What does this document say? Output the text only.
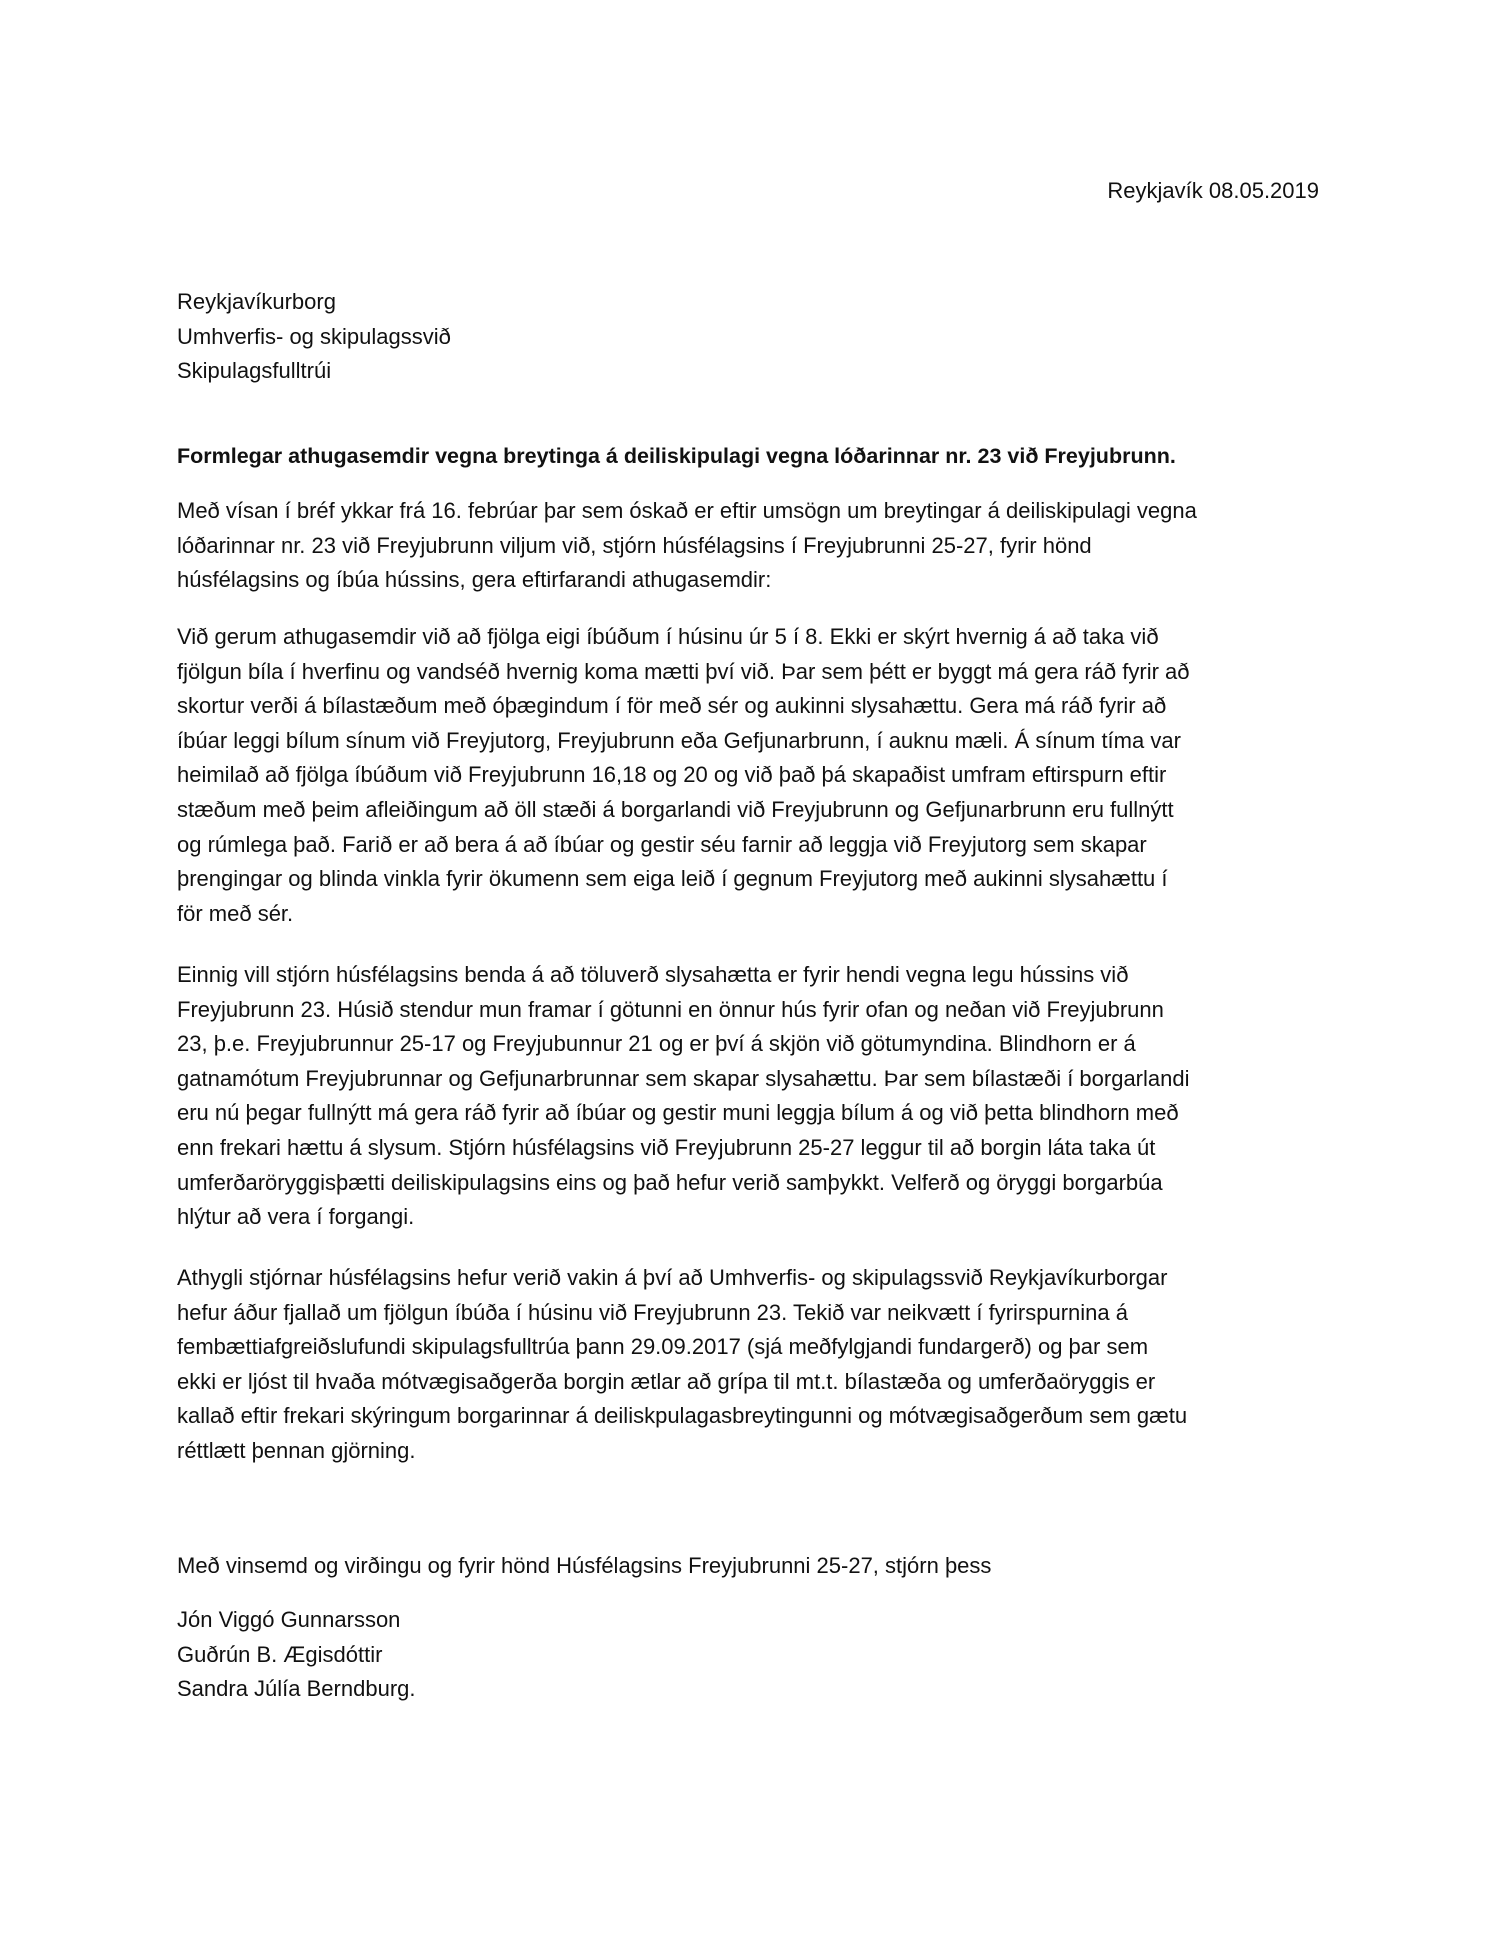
Reykjavík 08.05.2019
Reykjavíkurborg
Umhverfis- og skipulagssvið
Skipulagsfulltrúi
Formlegar athugasemdir vegna breytinga á deiliskipulagi vegna lóðarinnar nr. 23 við Freyjubrunn.
Með vísan í bréf ykkar frá 16. febrúar þar sem óskað er eftir umsögn um breytingar á deiliskipulagi vegna
lóðarinnar nr. 23 við Freyjubrunn viljum við, stjórn húsfélagsins í Freyjubrunni 25-27, fyrir hönd
húsfélagsins og íbúa hússins, gera eftirfarandi athugasemdir:
Við gerum athugasemdir við að fjölga eigi íbúðum í húsinu úr 5 í 8. Ekki er skýrt hvernig á að taka við
fjölgun bíla í hverfinu og vandséð hvernig koma mætti því við. Þar sem þétt er byggt má gera ráð fyrir að
skortur verði á bílastæðum með óþægindum í för með sér og aukinni slysahættu. Gera má ráð fyrir að
íbúar leggi bílum sínum við Freyjutorg, Freyjubrunn eða Gefjunarbrunn, í auknu mæli. Á sínum tíma var
heimilað að fjölga íbúðum við Freyjubrunn 16,18 og 20 og við það þá skapaðist umfram eftirspurn eftir
stæðum með þeim afleiðingum að öll stæði á borgarlandi við Freyjubrunn og Gefjunarbrunn eru fullnýtt
og rúmlega það. Farið er að bera á að íbúar og gestir séu farnir að leggja við Freyjutorg sem skapar
þrengingar og blinda vinkla fyrir ökumenn sem eiga leið í gegnum Freyjutorg með aukinni slysahættu í
för með sér.
Einnig vill stjórn húsfélagsins benda á að töluverð slysahætta er fyrir hendi vegna legu hússins við
Freyjubrunn 23. Húsið stendur mun framar í götunni en önnur hús fyrir ofan og neðan við Freyjubrunn
23, þ.e. Freyjubrunnur 25-17 og Freyjubunnur 21 og er því á skjön við götumyndina. Blindhorn er á
gatnamótum Freyjubrunnar og Gefjunarbrunnar sem skapar slysahættu. Þar sem bílastæði í borgarlandi
eru nú þegar fullnýtt má gera ráð fyrir að íbúar og gestir muni leggja bílum á og við þetta blindhorn með
enn frekari hættu á slysum. Stjórn húsfélagsins við Freyjubrunn 25-27 leggur til að borgin láta taka út
umferðaröryggisþætti deiliskipulagsins eins og það hefur verið samþykkt. Velferð og öryggi borgarbúa
hlýtur að vera í forgangi.
Athygli stjórnar húsfélagsins hefur verið vakin á því að Umhverfis- og skipulagssvið Reykjavíkurborgar
hefur áður fjallað um fjölgun íbúða í húsinu við Freyjubrunn 23. Tekið var neikvætt í fyrirspurnina á
fembættiafgreiðslufundi skipulagsfulltrúa þann 29.09.2017 (sjá meðfylgjandi fundargerð) og þar sem
ekki er ljóst til hvaða mótvægisaðgerða borgin ætlar að grípa til mt.t. bílastæða og umferðaöryggis er
kallað eftir frekari skýringum borgarinnar á deiliskpulagasbreytingunni og mótvægisaðgerðum sem gætu
réttlætt þennan gjörning.
Með vinsemd og virðingu og fyrir hönd Húsfélagsins Freyjubrunni 25-27, stjórn þess
Jón Viggó Gunnarsson
Guðrún B. Ægisdóttir
Sandra Júlía Berndburg.
